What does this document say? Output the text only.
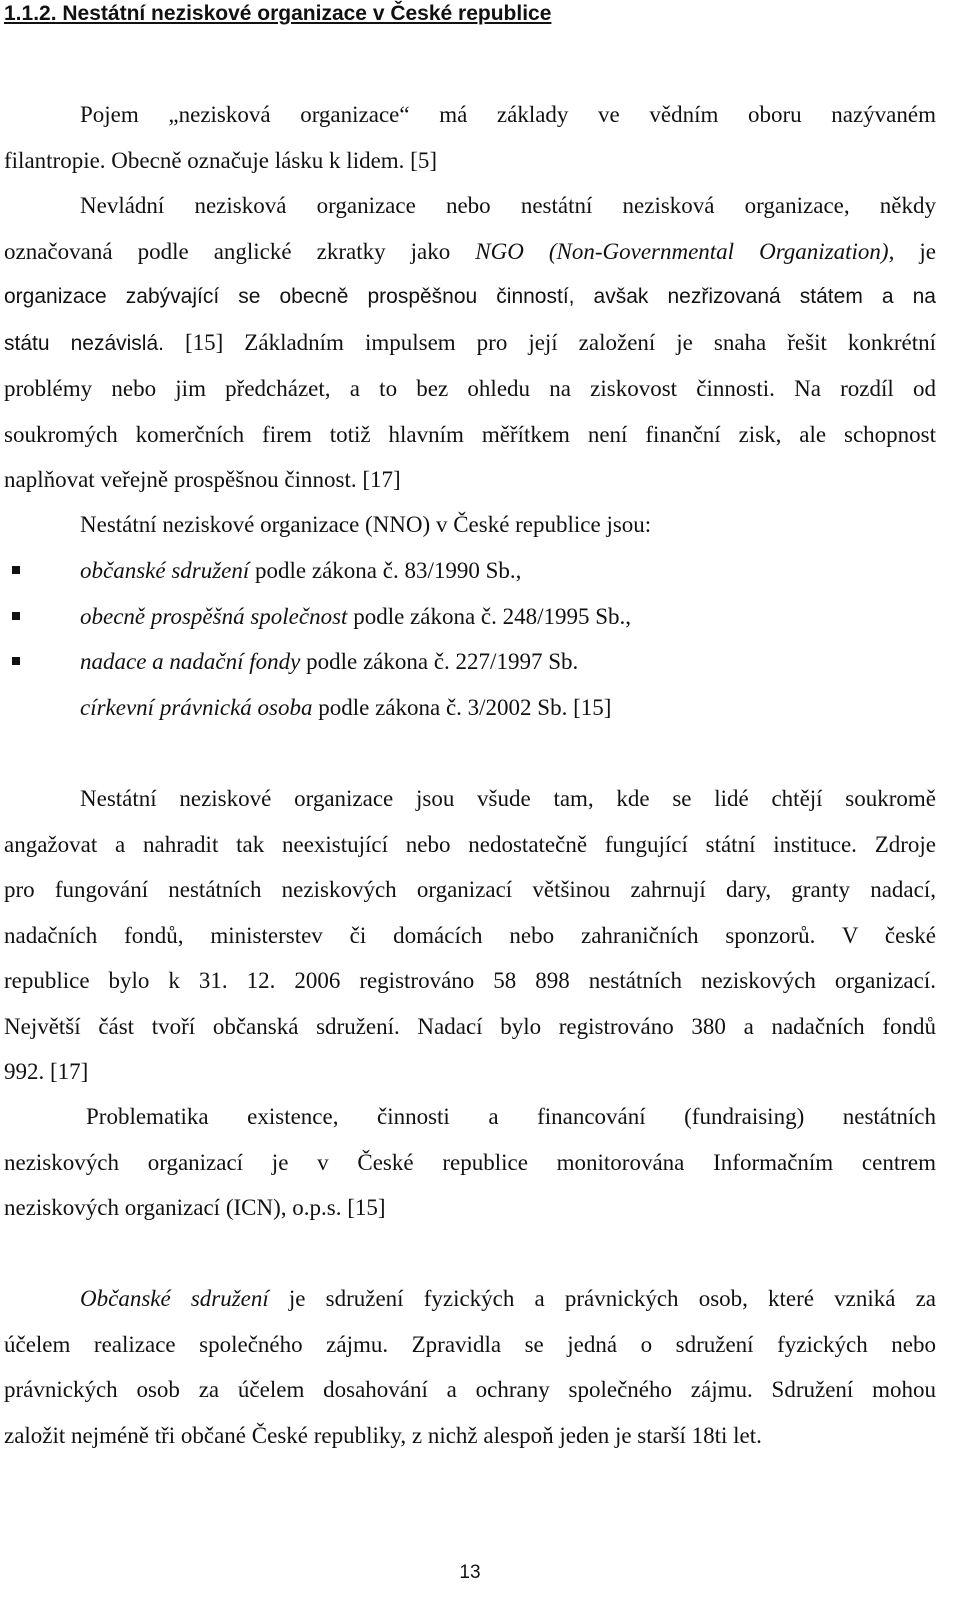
1.1.2. Nestátní neziskové organizace v České republice
Pojem „nezisková organizace“ má základy ve vědním oboru nazývaném
filantropie. Obecně označuje lásku k lidem. [5]
Nevládní nezisková organizace nebo nestátní nezisková organizace, někdy
označovaná podle anglické zkratky jako NGO (Non-Governmental Organization), je
organizace zabývající se obecně prospěšnou činností, avšak nezřizovaná státem a na
státu nezávislá. [15] Základním impulsem pro její založení je snaha řešit konkrétní
problémy nebo jim předcházet, a to bez ohledu na ziskovost činnosti. Na rozdíl od
soukromých komerčních firem totiž hlavním měřítkem není finanční zisk, ale schopnost
naplňovat veřejně prospěšnou činnost. [17]
Nestátní neziskové organizace (NNO) v České republice jsou:
občanské sdružení podle zákona č. 83/1990 Sb.,
obecně prospěšná společnost podle zákona č. 248/1995 Sb.,
nadace a nadační fondy podle zákona č. 227/1997 Sb.
církevní právnická osoba podle zákona č. 3/2002 Sb. [15]
Nestátní neziskové organizace jsou všude tam, kde se lidé chtějí soukromě
angažovat a nahradit tak neexistující nebo nedostatečně fungující státní instituce. Zdroje
pro fungování nestátních neziskových organizací většinou zahrnují dary, granty nadací,
nadačních fondů, ministerstev či domácích nebo zahraničních sponzorů. V české
republice bylo k 31. 12. 2006 registrováno 58 898 nestátních neziskových organizací.
Největší část tvoří občanská sdružení. Nadací bylo registrováno 380 a nadačních fondů
992. [17]
Problematika existence, činnosti a financování (fundraising) nestátních
neziskových organizací je v České republice monitorována Informačním centrem
neziskových organizací (ICN), o.p.s. [15]
Občanské sdružení je sdružení fyzických a právnických osob, které vzniká za
účelem realizace společného zájmu. Zpravidla se jedná o sdružení fyzických nebo
právnických osob za účelem dosahování a ochrany společného zájmu. Sdružení mohou
založit nejméně tři občané České republiky, z nichž alespoň jeden je starší 18ti let.
13
